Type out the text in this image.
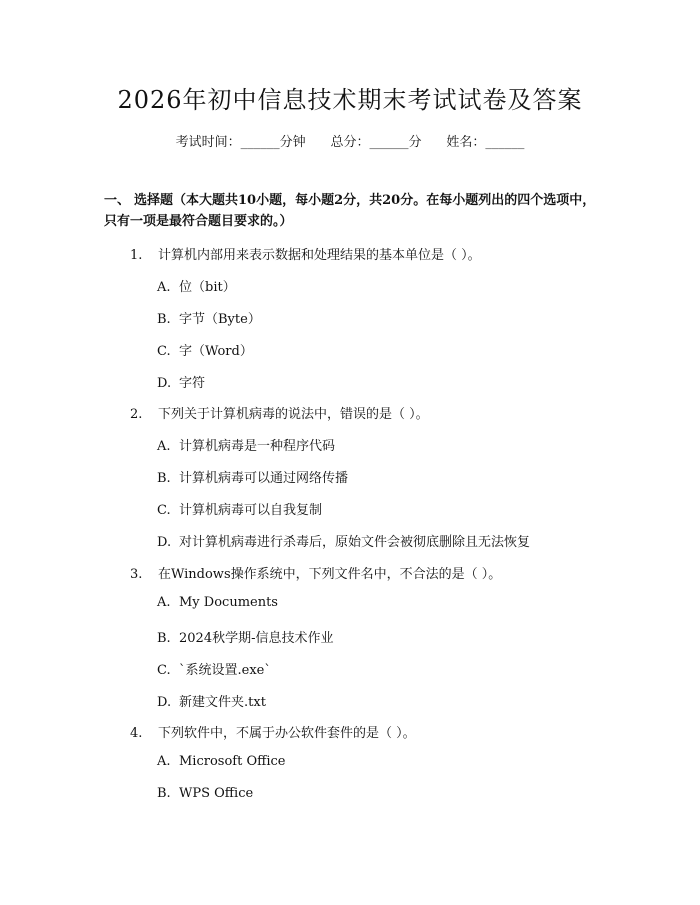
2026年初中信息技术期末考试试卷及答案
考试时间：______分钟 总分：______分 姓名：______
一、 选择题（本大题共10小题，每小题2分，共20分。在每小题列出的四个选项中，只有一项是最符合题目要求的。）
1. 计算机内部用来表示数据和处理结果的基本单位是（ ）。
A. 位（bit）
B. 字节（Byte）
C. 字（Word）
D. 字符
2. 下列关于计算机病毒的说法中，错误的是（ ）。
A. 计算机病毒是一种程序代码
B. 计算机病毒可以通过网络传播
C. 计算机病毒可以自我复制
D. 对计算机病毒进行杀毒后，原始文件会被彻底删除且无法恢复
3. 在Windows操作系统中，下列文件名中，不合法的是（ ）。
A. My Documents
B. 2024秋学期-信息技术作业
C. `系统设置.exe`
D. 新建文件夹.txt
4. 下列软件中，不属于办公软件套件的是（ ）。
A. Microsoft Office
B. WPS Office
